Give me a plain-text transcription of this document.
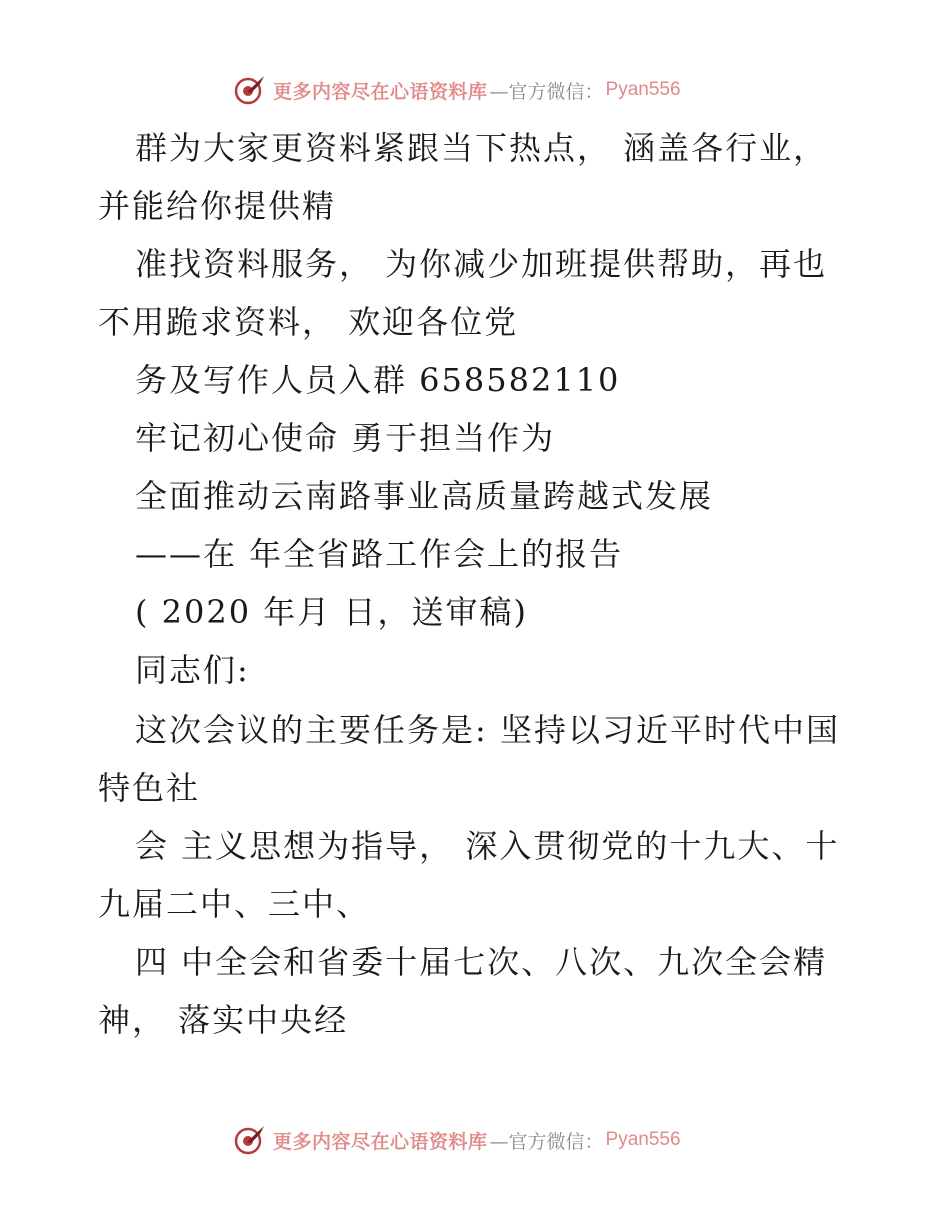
更多内容尽在心语资料库 —官方微信： Pyan556
群为大家更资料紧跟当下热点， 涵盖各行业，
并能给你提供精
准找资料服务， 为你减少加班提供帮助，再也
不用跪求资料， 欢迎各位党
务及写作人员入群 658582110
牢记初心使命 勇于担当作为
全面推动云南路事业高质量跨越式发展
——在 年全省路工作会上的报告
( 2020 年月 日，送审稿)
同志们:
这次会议的主要任务是: 坚持以习近平时代中国
特色社
会 主义思想为指导， 深入贯彻党的十九大、十
九届二中、三中、
四 中全会和省委十届七次、八次、九次全会精
神， 落实中央经
更多内容尽在心语资料库 —官方微信： Pyan556
